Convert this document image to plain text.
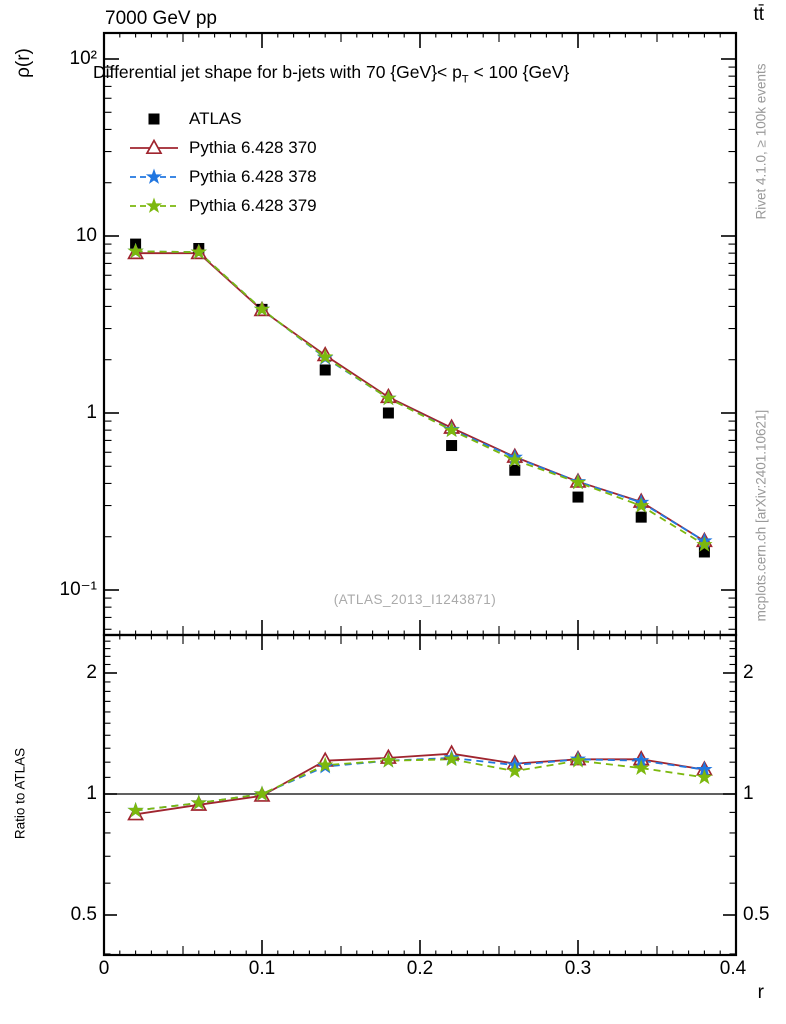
7000 GeV pp	tt̄
ρ(r)	10²
10
1
10⁻¹
Differential jet shape for b-jets with 70 $\{GeV\}< p_T < 100$ {GeV}
ATLAS
Pythia 6.428 370
Pythia 6.428 378
Pythia 6.428 379
(ATLAS_2013_I1243871)
Rivet 4.1.0, ≥ 100k events
mcplots.cern.ch [arXiv:2401.10621]
Ratio to ATLAS
2
1
0.5
2
1
0.5
0	0.1	0.2	0.3	0.4
r
